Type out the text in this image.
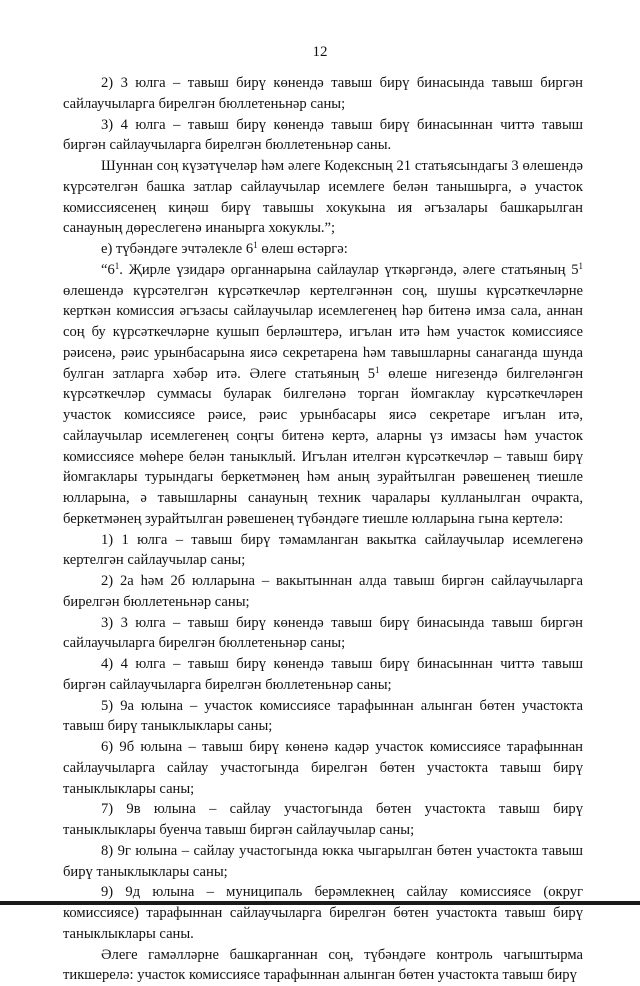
12

2) 3 юлга – тавыш бирү көнендә тавыш бирү бинасында тавыш биргән сайлаучыларга бирелгән бюллетеньнәр саны;

3) 4 юлга – тавыш бирү көнендә тавыш бирү бинасыннан читтә тавыш биргән сайлаучыларга бирелгән бюллетеньнәр саны.

Шуннан соң күзәтүчеләр һәм әлеге Кодексның 21 статьясындагы 3 өлешендә күрсәтелгән башка затлар сайлаучылар исемлеге белән танышырга, ә участок комиссиясенең киңәш бирү тавышы хокукына ия әгъзалары башкарылган санауның дөреслегенә инанырга хокуклы.”;

е) түбәндәге эчтәлекле $6^1$ өлеш өстәргә:

“$6^1$. Җирле үзидарә органнарына сайлаулар үткәргәндә, әлеге статьяның $5^1$ өлешендә күрсәтелгән күрсәткечләр кертелгәннән соң, шушы күрсәткечләрне керткән комиссия әгъзасы сайлаучылар исемлегенең һәр битенә имза сала, аннан соң бу күрсәткечләрне кушып берләштерә, игълан итә һәм участок комиссиясе рәисенә, рәис урынбасарына яисә секретарена һәм тавышларны санаганда шунда булган затларга хәбәр итә. Әлеге статьяның $5^1$ өлеше нигезендә билгеләнгән күрсәткечләр суммасы буларак билгеләнә торган йомгаклау күрсәткечләрен участок комиссиясе рәисе, рәис урынбасары яисә секретаре игълан итә, сайлаучылар исемлегенең соңгы битенә кертә, аларны үз имзасы һәм участок комиссиясе мөһере белән таныклый. Игълан ителгән күрсәткечләр – тавыш бирү йомгаклары турындагы беркетмәнең һәм аның зурайтылган рәвешенең тиешле юлларына, ә тавышларны санауның техник чаралары кулланылган очракта, беркетмәнең зурайтылган рәвешенең түбәндәге тиешле юлларына гына кертелә:

1) 1 юлга – тавыш бирү тәмамланган вакытка сайлаучылар исемлегенә кертелгән сайлаучылар саны;

2) 2а һәм 2б юлларына – вакытыннан алда тавыш биргән сайлаучыларга бирелгән бюллетеньнәр саны;

3) 3 юлга – тавыш бирү көнендә тавыш бирү бинасында тавыш биргән сайлаучыларга бирелгән бюллетеньнәр саны;

4) 4 юлга – тавыш бирү көнендә тавыш бирү бинасыннан читтә тавыш биргән сайлаучыларга бирелгән бюллетеньнәр саны;

5) 9а юлына – участок комиссиясе тарафыннан алынган бөтен участокта тавыш бирү таныклыклары саны;

6) 9б юлына – тавыш бирү көненә кадәр участок комиссиясе тарафыннан сайлаучыларга сайлау участогында бирелгән бөтен участокта тавыш бирү таныклыклары саны;

7) 9в юлына – сайлау участогында бөтен участокта тавыш бирү таныклыклары буенча тавыш биргән сайлаучылар саны;

8) 9г юлына – сайлау участогында юкка чыгарылган бөтен участокта тавыш бирү таныклыклары саны;

9) 9д юлына – муниципаль берәмлекнең сайлау комиссиясе (округ комиссиясе) тарафыннан сайлаучыларга бирелгән бөтен участокта тавыш бирү таныклыклары саны.

Әлеге гамәлләрне башкарганнан соң, түбәндәге контроль чагыштырма тикшерелә: участок комиссиясе тарафыннан алынган бөтен участокта тавыш бирү
